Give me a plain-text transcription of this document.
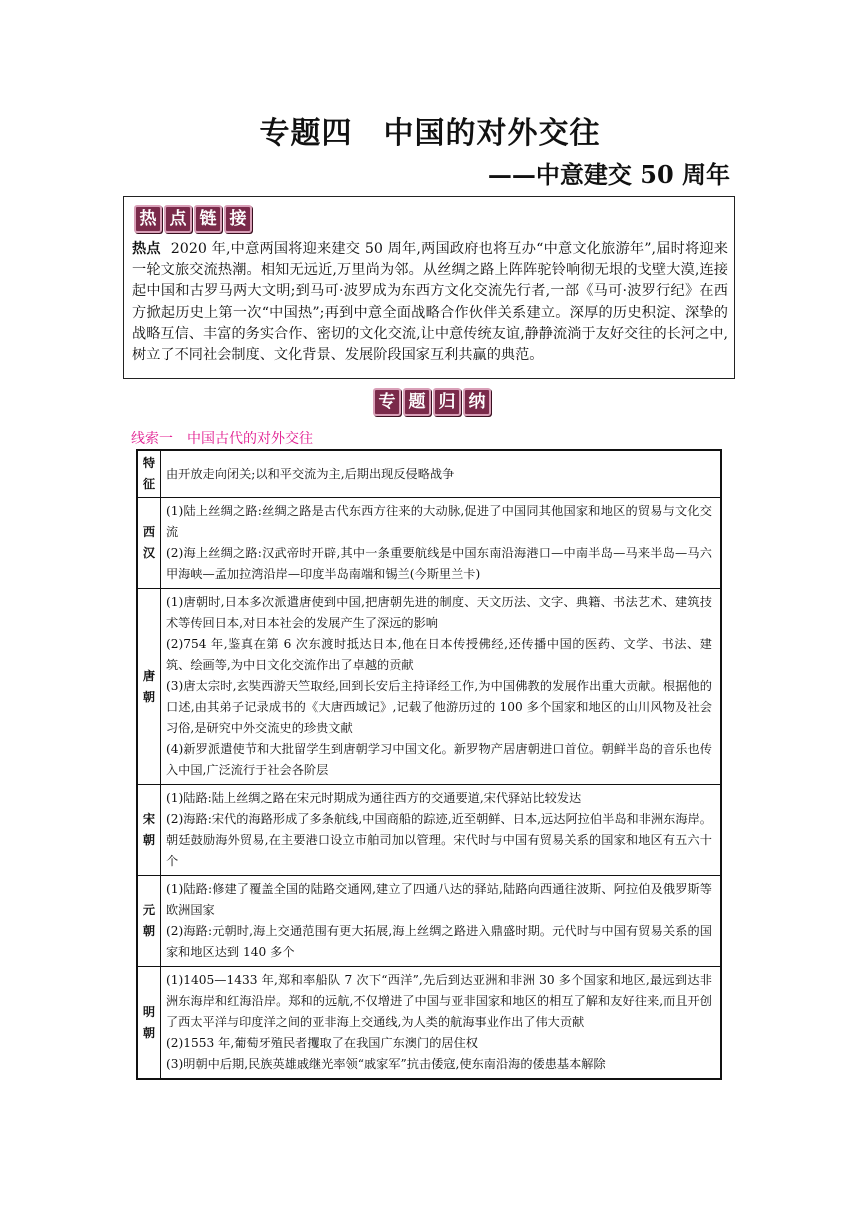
专题四　中国的对外交往
——中意建交 50 周年
热 点 链 接
热点 2020 年,中意两国将迎来建交 50 周年,两国政府也将互办“中意文化旅游年”,届时将迎来一轮文旅交流热潮。相知无远近,万里尚为邻。从丝绸之路上阵阵驼铃响彻无垠的戈壁大漠,连接起中国和古罗马两大文明;到马可·波罗成为东西方文化交流先行者,一部《马可·波罗行纪》在西方掀起历史上第一次“中国热”;再到中意全面战略合作伙伴关系建立。深厚的历史积淀、深挚的战略互信、丰富的务实合作、密切的文化交流,让中意传统友谊,静静流淌于友好交往的长河之中,树立了不同社会制度、文化背景、发展阶段国家互利共赢的典范。
专 题 归 纳
线索一　中国古代的对外交往
特
征	由开放走向闭关;以和平交流为主,后期出现反侵略战争

西
汉	(1)陆上丝绸之路:丝绸之路是古代东西方往来的大动脉,促进了中国同其他国家和地区的贸易与文化交流
(2)海上丝绸之路:汉武帝时开辟,其中一条重要航线是中国东南沿海港口—中南半岛—马来半岛—马六甲海峡—孟加拉湾沿岸—印度半岛南端和锡兰(今斯里兰卡)

唐
朝	(1)唐朝时,日本多次派遣唐使到中国,把唐朝先进的制度、天文历法、文字、典籍、书法艺术、建筑技术等传回日本,对日本社会的发展产生了深远的影响
(2)754 年,鉴真在第 6 次东渡时抵达日本,他在日本传授佛经,还传播中国的医药、文学、书法、建筑、绘画等,为中日文化交流作出了卓越的贡献
(3)唐太宗时,玄奘西游天竺取经,回到长安后主持译经工作,为中国佛教的发展作出重大贡献。根据他的口述,由其弟子记录成书的《大唐西域记》,记载了他游历过的 100 多个国家和地区的山川风物及社会习俗,是研究中外交流史的珍贵文献
(4)新罗派遣使节和大批留学生到唐朝学习中国文化。新罗物产居唐朝进口首位。朝鲜半岛的音乐也传入中国,广泛流行于社会各阶层

宋
朝	(1)陆路:陆上丝绸之路在宋元时期成为通往西方的交通要道,宋代驿站比较发达
(2)海路:宋代的海路形成了多条航线,中国商船的踪迹,近至朝鲜、日本,远达阿拉伯半岛和非洲东海岸。朝廷鼓励海外贸易,在主要港口设立市舶司加以管理。宋代时与中国有贸易关系的国家和地区有五六十个

元
朝	(1)陆路:修建了覆盖全国的陆路交通网,建立了四通八达的驿站,陆路向西通往波斯、阿拉伯及俄罗斯等欧洲国家
(2)海路:元朝时,海上交通范围有更大拓展,海上丝绸之路进入鼎盛时期。元代时与中国有贸易关系的国家和地区达到 140 多个

明
朝	(1)1405—1433 年,郑和率船队 7 次下“西洋”,先后到达亚洲和非洲 30 多个国家和地区,最远到达非洲东海岸和红海沿岸。郑和的远航,不仅增进了中国与亚非国家和地区的相互了解和友好往来,而且开创了西太平洋与印度洋之间的亚非海上交通线,为人类的航海事业作出了伟大贡献
(2)1553 年,葡萄牙殖民者攫取了在我国广东澳门的居住权
(3)明朝中后期,民族英雄戚继光率领“戚家军”抗击倭寇,使东南沿海的倭患基本解除
